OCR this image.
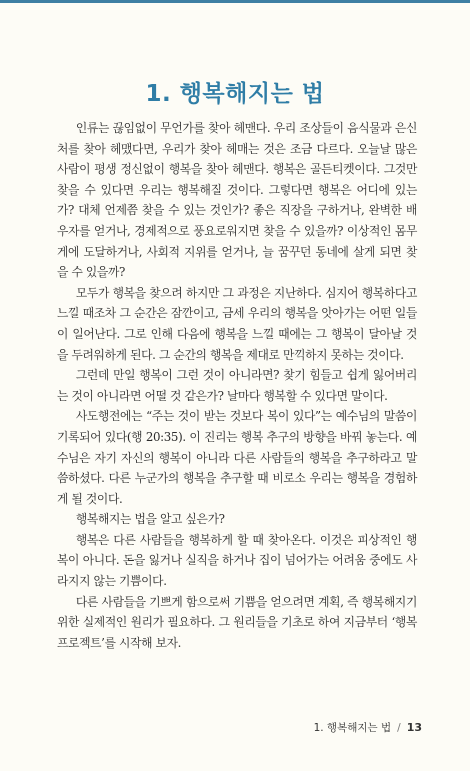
1. 행복해지는 법

인류는 끊임없이 무언가를 찾아 헤맨다. 우리 조상들이 음식물과 은신처를 찾아 헤맸다면, 우리가 찾아 헤매는 것은 조금 다르다. 오늘날 많은 사람이 평생 정신없이 행복을 찾아 헤맨다. 행복은 골든티켓이다. 그것만 찾을 수 있다면 우리는 행복해질 것이다. 그렇다면 행복은 어디에 있는가? 대체 언제쯤 찾을 수 있는 것인가? 좋은 직장을 구하거나, 완벽한 배우자를 얻거나, 경제적으로 풍요로워지면 찾을 수 있을까? 이상적인 몸무게에 도달하거나, 사회적 지위를 얻거나, 늘 꿈꾸던 동네에 살게 되면 찾을 수 있을까?

모두가 행복을 찾으려 하지만 그 과정은 지난하다. 심지어 행복하다고 느낄 때조차 그 순간은 잠깐이고, 금세 우리의 행복을 앗아가는 어떤 일들이 일어난다. 그로 인해 다음에 행복을 느낄 때에는 그 행복이 달아날 것을 두려워하게 된다. 그 순간의 행복을 제대로 만끽하지 못하는 것이다.

그런데 만일 행복이 그런 것이 아니라면? 찾기 힘들고 쉽게 잃어버리는 것이 아니라면 어떨 것 같은가? 날마다 행복할 수 있다면 말이다.

사도행전에는 “주는 것이 받는 것보다 복이 있다”는 예수님의 말씀이 기록되어 있다(행 20:35). 이 진리는 행복 추구의 방향을 바꿔 놓는다. 예수님은 자기 자신의 행복이 아니라 다른 사람들의 행복을 추구하라고 말씀하셨다. 다른 누군가의 행복을 추구할 때 비로소 우리는 행복을 경험하게 될 것이다.

행복해지는 법을 알고 싶은가?

행복은 다른 사람들을 행복하게 할 때 찾아온다. 이것은 피상적인 행복이 아니다. 돈을 잃거나 실직을 하거나 집이 넘어가는 어려움 중에도 사라지지 않는 기쁨이다.

다른 사람들을 기쁘게 함으로써 기쁨을 얻으려면 계획, 즉 행복해지기 위한 실제적인 원리가 필요하다. 그 원리들을 기초로 하여 지금부터 ‘행복 프로젝트’를 시작해 보자.

1. 행복해지는 법 / 13
